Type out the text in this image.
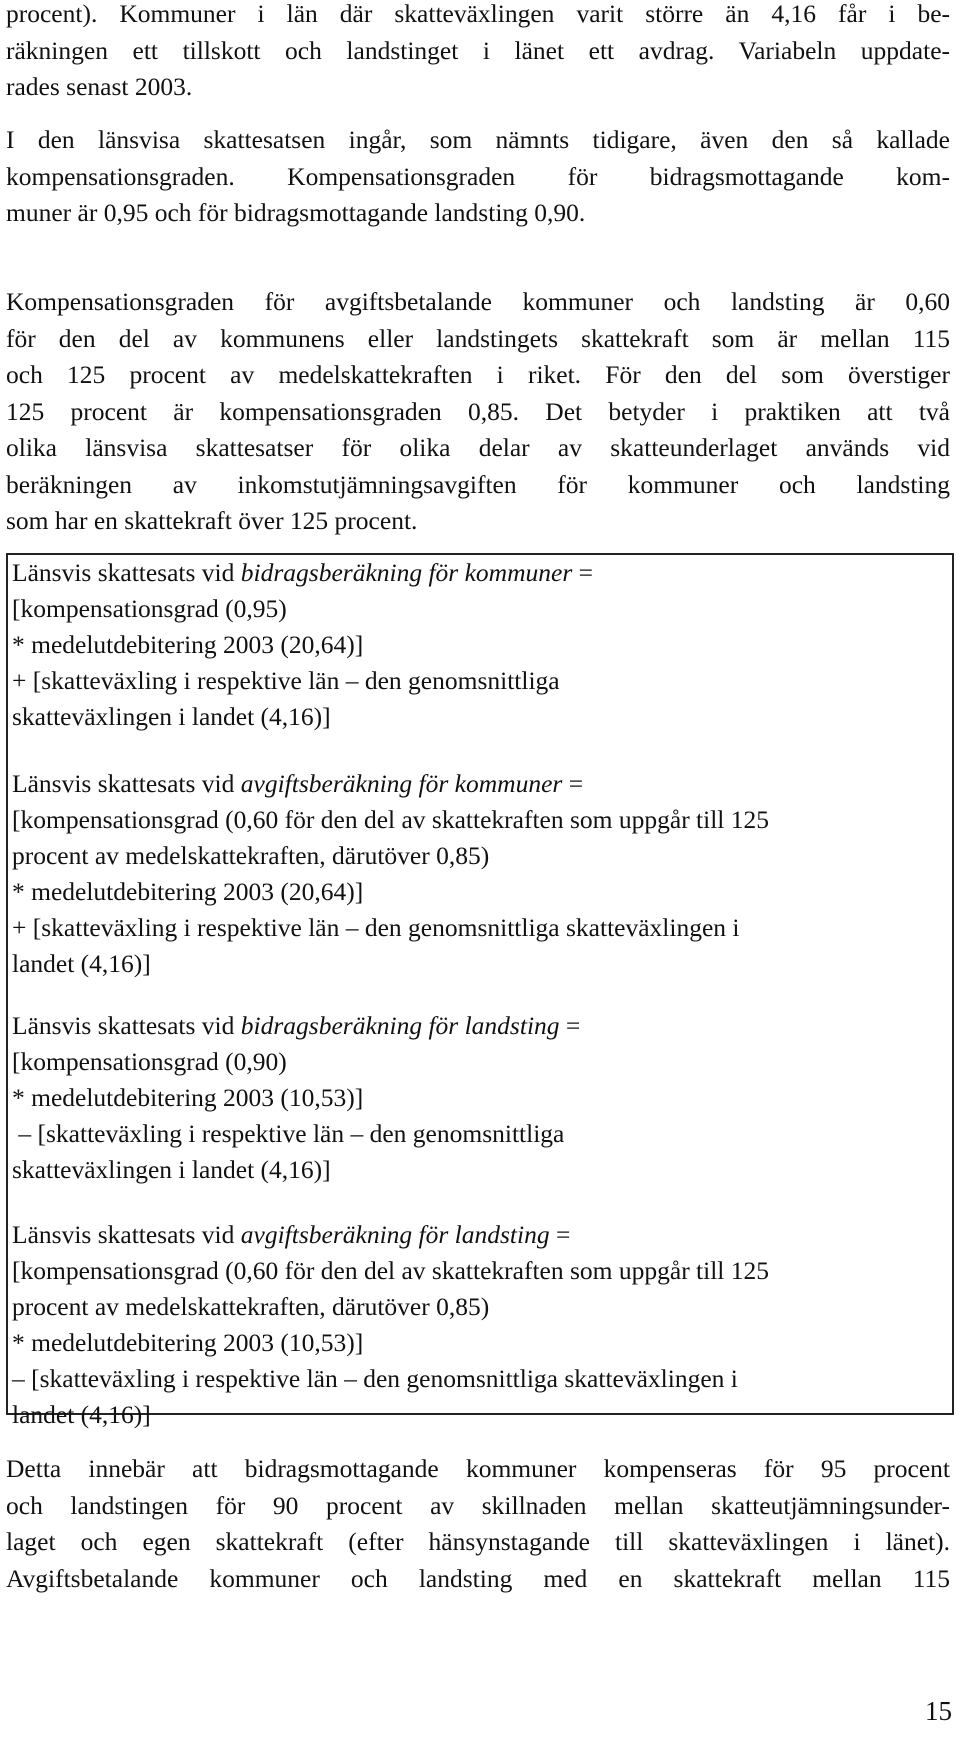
procent). Kommuner i län där skatteväxlingen varit större än 4,16 får i be-
räkningen ett tillskott och landstinget i länet ett avdrag. Variabeln uppdate-
rades senast 2003.

I den länsvisa skattesatsen ingår, som nämnts tidigare, även den så kallade
kompensationsgraden. Kompensationsgraden för bidragsmottagande kom-
muner är 0,95 och för bidragsmottagande landsting 0,90.

Kompensationsgraden för avgiftsbetalande kommuner och landsting är 0,60
för den del av kommunens eller landstingets skattekraft som är mellan 115
och 125 procent av medelskattekraften i riket. För den del som överstiger
125 procent är kompensationsgraden 0,85. Det betyder i praktiken att två
olika länsvisa skattesatser för olika delar av skatteunderlaget används vid
beräkningen av inkomstutjämningsavgiften för kommuner och landsting
som har en skattekraft över 125 procent.

Länsvis skattesats vid bidragsberäkning för kommuner =
[kompensationsgrad (0,95)
* medelutdebitering 2003 (20,64)]
+ [skatteväxling i respektive län – den genomsnittliga
skatteväxlingen i landet (4,16)]
Länsvis skattesats vid avgiftsberäkning för kommuner =
[kompensationsgrad (0,60 för den del av skattekraften som uppgår till 125
procent av medelskattekraften, därutöver 0,85)
* medelutdebitering 2003 (20,64)]
+ [skatteväxling i respektive län – den genomsnittliga skatteväxlingen i
landet (4,16)]
Länsvis skattesats vid bidragsberäkning för landsting =
[kompensationsgrad (0,90)
* medelutdebitering 2003 (10,53)]
– [skatteväxling i respektive län – den genomsnittliga
skatteväxlingen i landet (4,16)]
Länsvis skattesats vid avgiftsberäkning för landsting =
[kompensationsgrad (0,60 för den del av skattekraften som uppgår till 125
procent av medelskattekraften, därutöver 0,85)
* medelutdebitering 2003 (10,53)]
– [skatteväxling i respektive län – den genomsnittliga skatteväxlingen i
landet (4,16)]

Detta innebär att bidragsmottagande kommuner kompenseras för 95 procent
och landstingen för 90 procent av skillnaden mellan skatteutjämningsunder-
laget och egen skattekraft (efter hänsynstagande till skatteväxlingen i länet).
Avgiftsbetalande kommuner och landsting med en skattekraft mellan 115

15
